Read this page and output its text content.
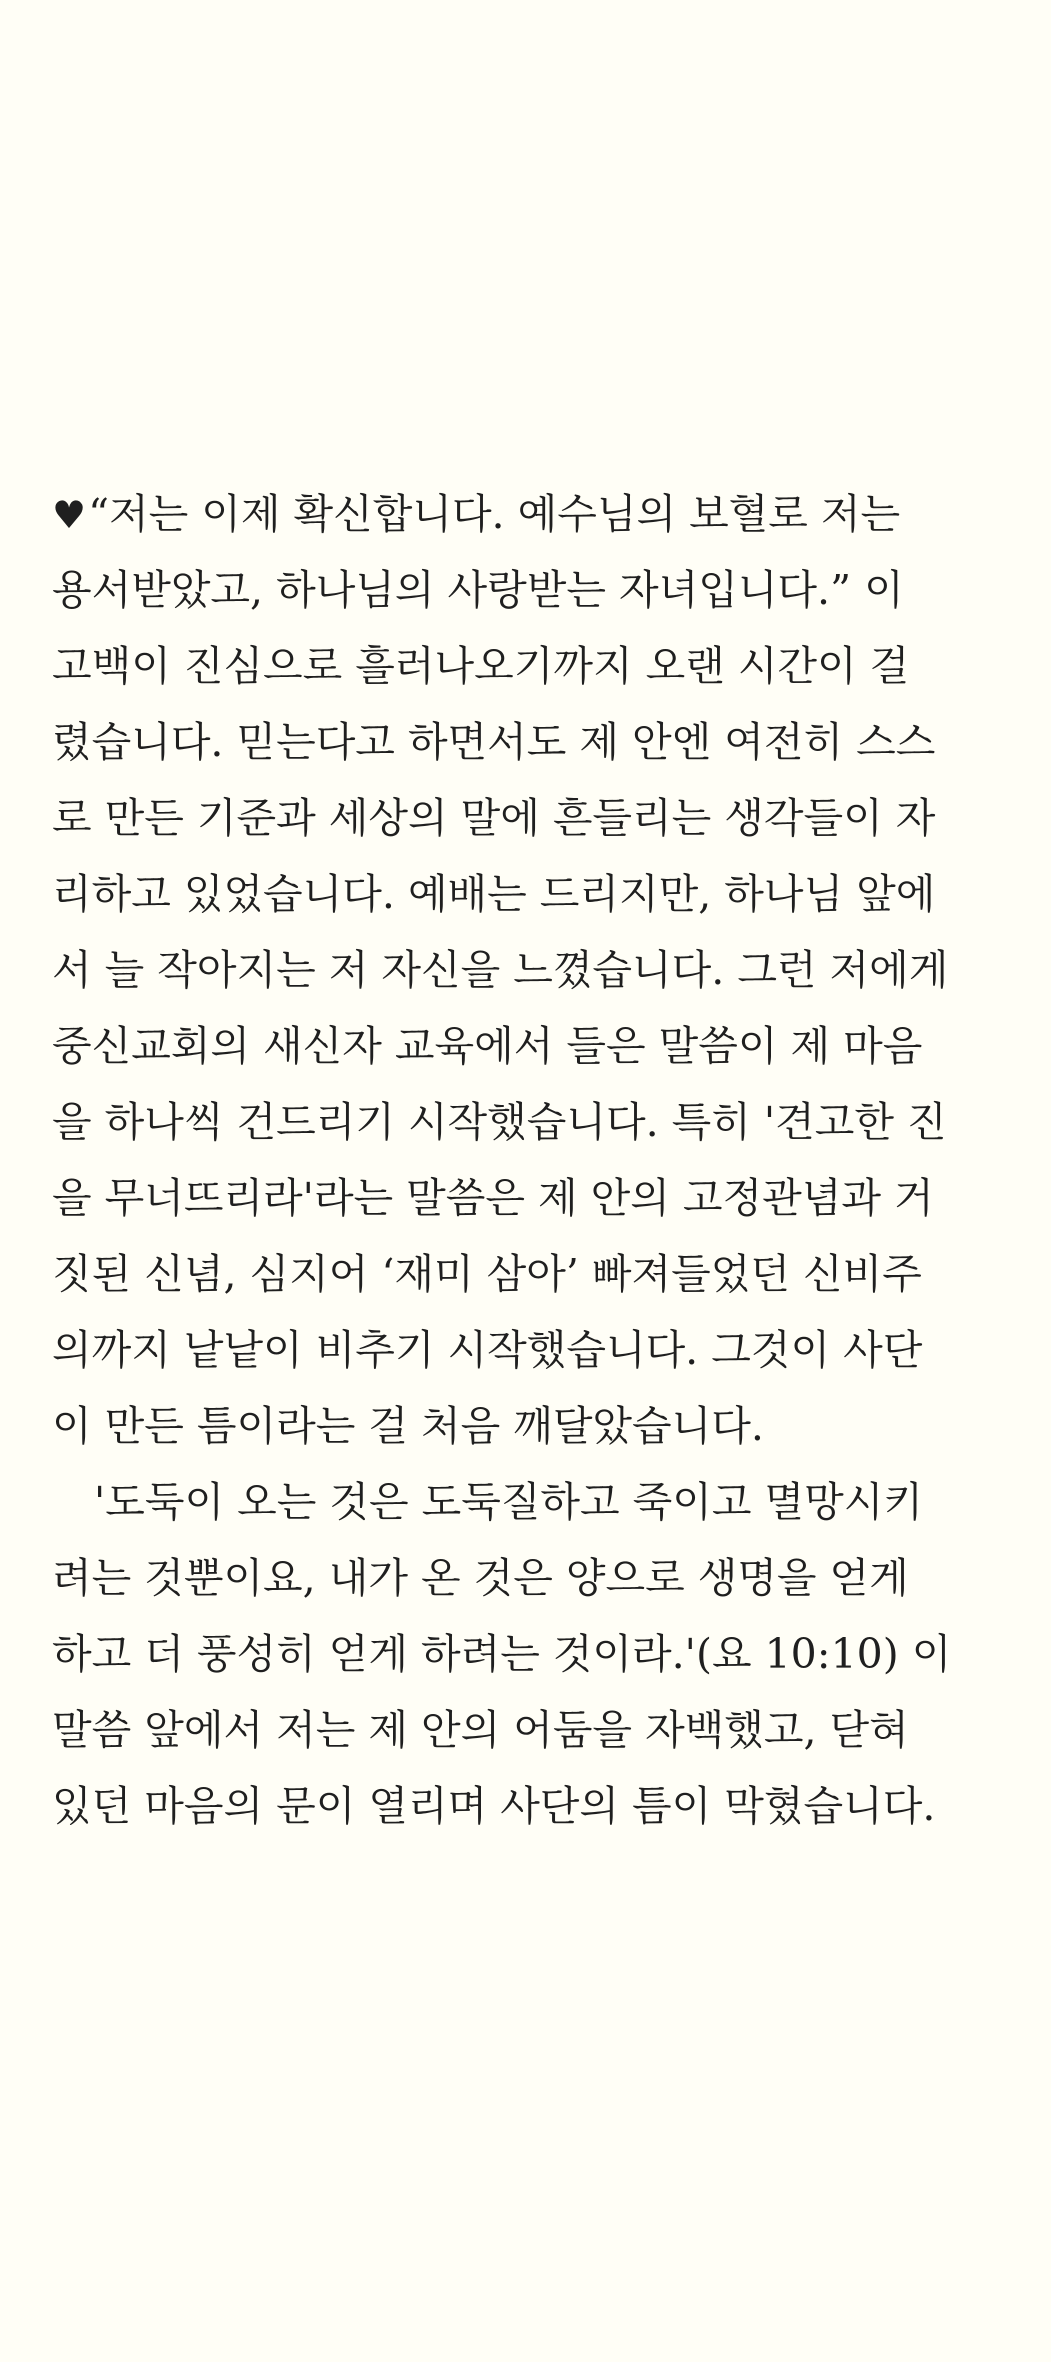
♥“저는 이제 확신합니다. 예수님의 보혈로 저는
용서받았고, 하나님의 사랑받는 자녀입니다.” 이
고백이 진심으로 흘러나오기까지 오랜 시간이 걸
렸습니다. 믿는다고 하면서도 제 안엔 여전히 스스
로 만든 기준과 세상의 말에 흔들리는 생각들이 자
리하고 있었습니다. 예배는 드리지만, 하나님 앞에
서 늘 작아지는 저 자신을 느꼈습니다. 그런 저에게
중신교회의 새신자 교육에서 들은 말씀이 제 마음
을 하나씩 건드리기 시작했습니다. 특히 '견고한 진
을 무너뜨리라'라는 말씀은 제 안의 고정관념과 거
짓된 신념, 심지어 ‘재미 삼아’ 빠져들었던 신비주
의까지 낱낱이 비추기 시작했습니다. 그것이 사단
이 만든 틈이라는 걸 처음 깨달았습니다.
'도둑이 오는 것은 도둑질하고 죽이고 멸망시키
려는 것뿐이요, 내가 온 것은 양으로 생명을 얻게
하고 더 풍성히 얻게 하려는 것이라.'(요 10:10) 이
말씀 앞에서 저는 제 안의 어둠을 자백했고, 닫혀
있던 마음의 문이 열리며 사단의 틈이 막혔습니다.
